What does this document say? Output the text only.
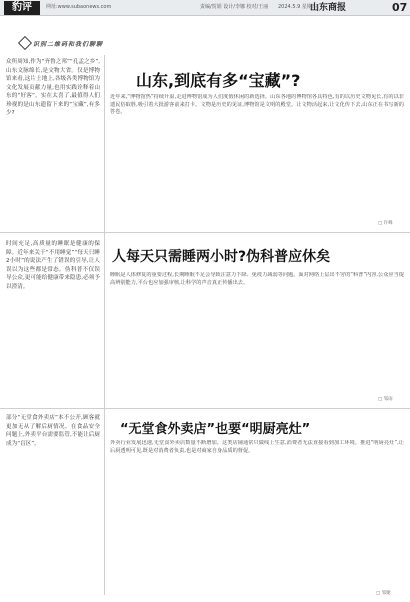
豹评	网址:www.subaonews.com	责编/贺娟 设计/李娜 校对/王丽 2024.5.9 星期四
山东商报	07
识别二维码和我们聊聊
山东,到底有多“宝藏”?
众所周知,作为“齐鲁之邦”“孔孟之乡”,山东文脉绵长,是文物大省。仅是博物馆来看,这片土地上,各级各类博物馆为文化发展贡献力量,也用实践诠释着山东的“好客”。实在太喜了,最值得人们珍视的是山东遗留下来的“宝藏”,有多少?
近年来,“博物馆热”持续升温,走进博物馆成为人们度假休闲的新选择。山东各地的博物馆各具特色,有的以历史文物见长,有的以非遗民俗取胜,吸引着大批游客前来打卡。文物是历史的见证,博物馆是文明的殿堂。让文物活起来,让文化传下去,山东正在书写新的答卷。
□ 许峰
人每天只需睡两小时?伪科普应休矣
时间充足,高质量的睡眠是健康的保障。近年来关于“不用睡觉”“每天只睡2小时”的说法产生了错误的引导,让人误以为这些都是常态。伪科普不仅误导公众,更可能给健康带来隐患,必须予以澄清。
睡眠是人体修复的重要过程,长期睡眠不足会导致注意力下降、免疫力减弱等问题。面对网络上层出不穷的“科普”内容,公众应当提高辨别能力,平台也应加强审核,让科学的声音真正传播出去。
□ 邹雨
“无堂食外卖店”也要“明厨亮灶”
部分“无堂食外卖店”本不公开,顾客就更加无从了解后厨情况。在食品安全问题上,外卖平台需要监管,不能让后厨成为“盲区”。	外卖行业发展迅速,无堂食外卖店数量不断增加。这类店铺通常只做线上生意,消费者无法直接看到加工环境。推进“明厨亮灶”,让后厨透明可见,既是对消费者负责,也是对商家自身品质的督促。
□ 邹婕
